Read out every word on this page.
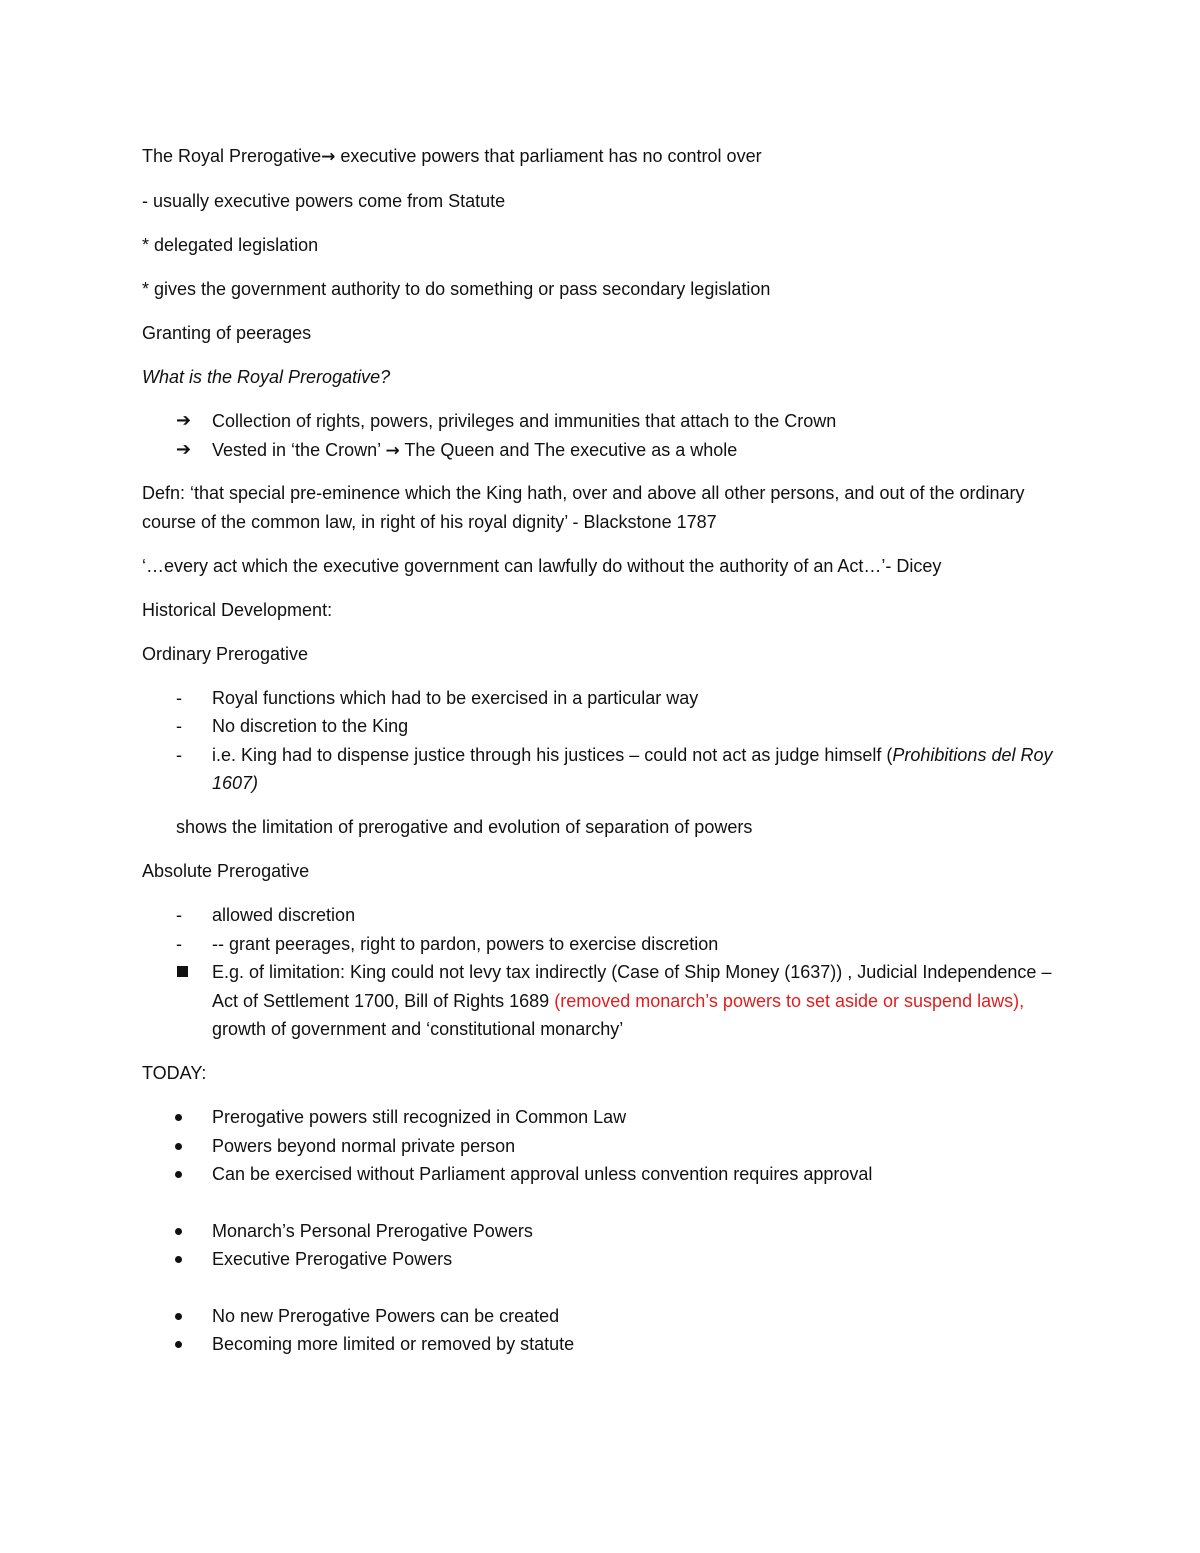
The Royal Prerogative→ executive powers that parliament has no control over

- usually executive powers come from Statute

* delegated legislation

* gives the government authority to do something or pass secondary legislation

Granting of peerages

What is the Royal Prerogative?

➔	Collection of rights, powers, privileges and immunities that attach to the Crown
➔	Vested in ‘the Crown’ → The Queen and The executive as a whole

Defn: ‘that special pre-eminence which the King hath, over and above all other persons, and out of the ordinary course of the common law, in right of his royal dignity’ - Blackstone 1787

‘…every act which the executive government can lawfully do without the authority of an Act…’- Dicey

Historical Development:

Ordinary Prerogative

-	Royal functions which had to be exercised in a particular way
-	No discretion to the King
-	i.e. King had to dispense justice through his justices – could not act as judge himself (Prohibitions del Roy 1607)

shows the limitation of prerogative and evolution of separation of powers

Absolute Prerogative

-	allowed discretion
-	-- grant peerages, right to pardon, powers to exercise discretion
E.g. of limitation: King could not levy tax indirectly (Case of Ship Money (1637)) , Judicial Independence – Act of Settlement 1700, Bill of Rights 1689 (removed monarch’s powers to set aside or suspend laws), growth of government and ‘constitutional monarchy’

TODAY:

Prerogative powers still recognized in Common Law
Powers beyond normal private person
Can be exercised without Parliament approval unless convention requires approval
Monarch’s Personal Prerogative Powers
Executive Prerogative Powers
No new Prerogative Powers can be created
Becoming more limited or removed by statute
